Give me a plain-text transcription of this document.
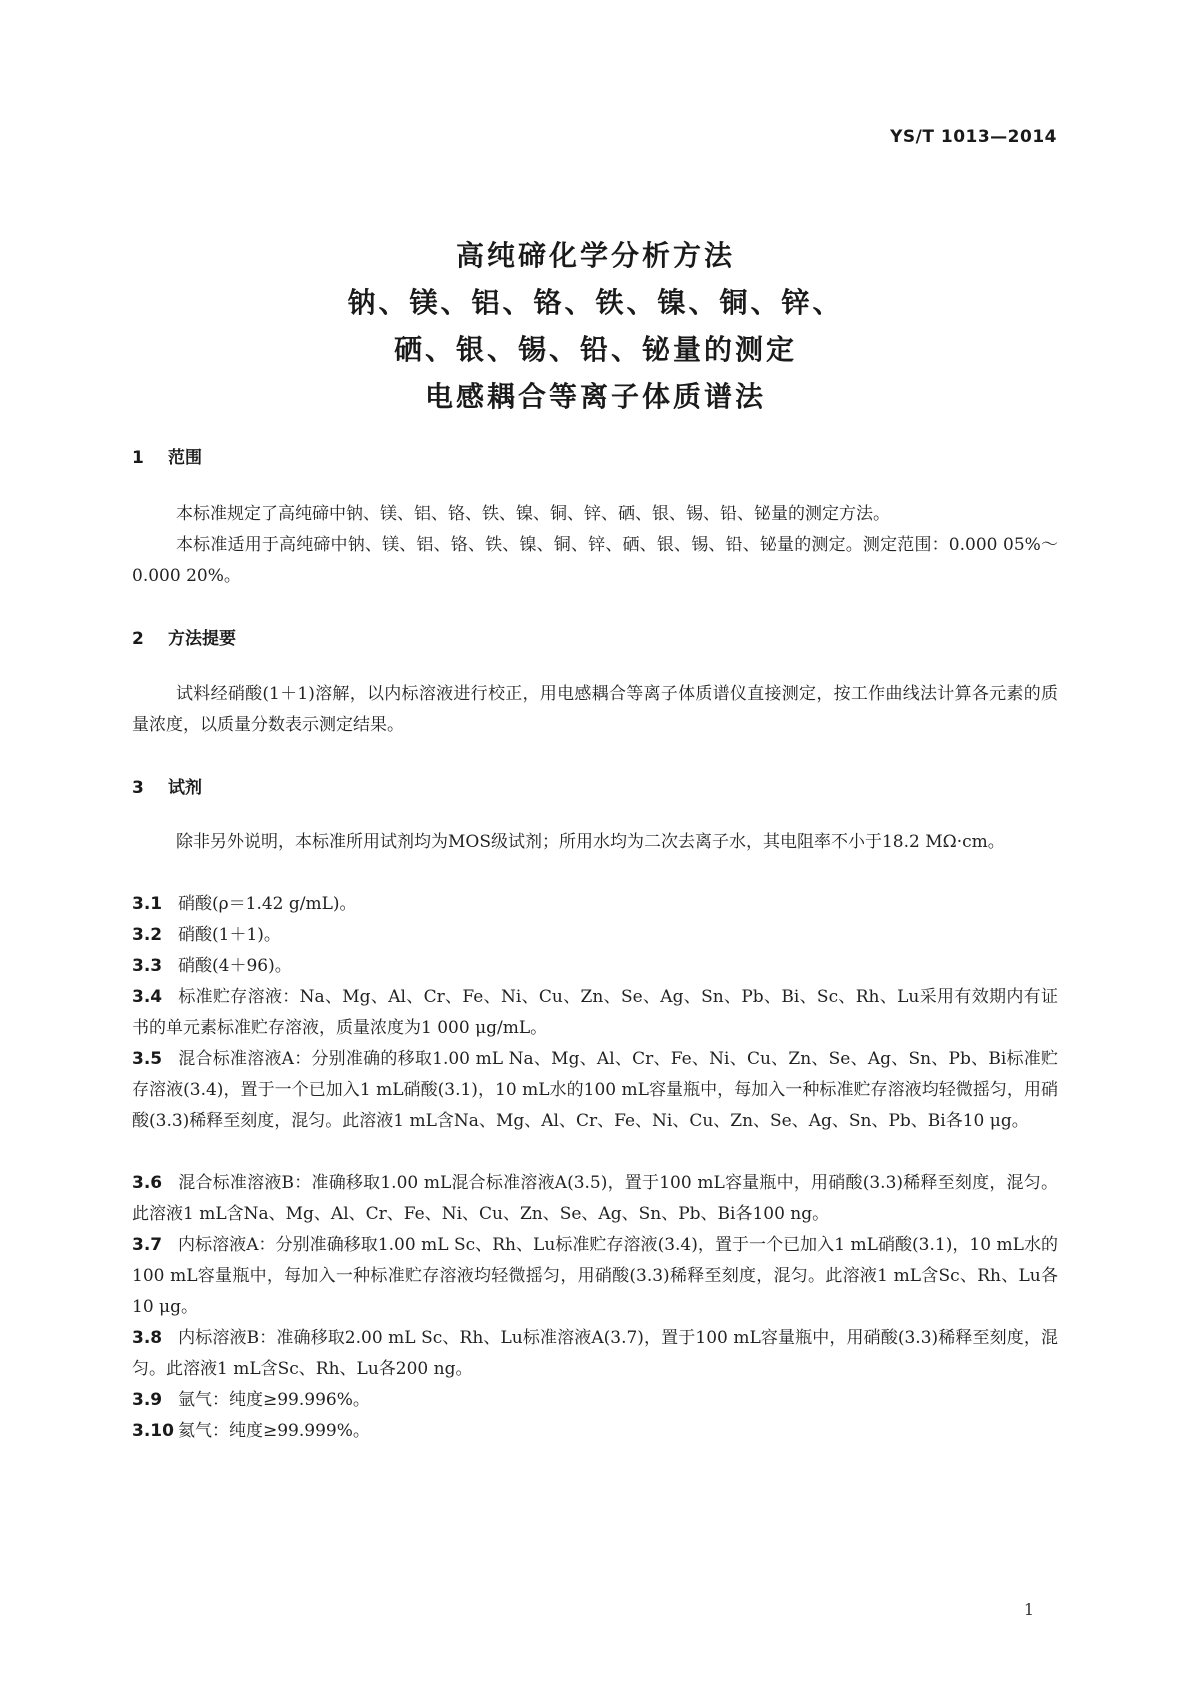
YS/T 1013—2014
高纯碲化学分析方法
钠、镁、铝、铬、铁、镍、铜、锌、
硒、银、锡、铅、铋量的测定
电感耦合等离子体质谱法
1 范围
本标准规定了高纯碲中钠、镁、铝、铬、铁、镍、铜、锌、硒、银、锡、铅、铋量的测定方法。
本标准适用于高纯碲中钠、镁、铝、铬、铁、镍、铜、锌、硒、银、锡、铅、铋量的测定。测定范围：0.000 05%～0.000 20%。
2 方法提要
试料经硝酸(1＋1)溶解，以内标溶液进行校正，用电感耦合等离子体质谱仪直接测定，按工作曲线法计算各元素的质量浓度，以质量分数表示测定结果。
3 试剂
除非另外说明，本标准所用试剂均为MOS级试剂；所用水均为二次去离子水，其电阻率不小于18.2 MΩ·cm。
3.1 硝酸(ρ＝1.42 g/mL)。
3.2 硝酸(1＋1)。
3.3 硝酸(4＋96)。
3.4 标准贮存溶液：Na、Mg、Al、Cr、Fe、Ni、Cu、Zn、Se、Ag、Sn、Pb、Bi、Sc、Rh、Lu采用有效期内有证书的单元素标准贮存溶液，质量浓度为1 000 μg/mL。
3.5 混合标准溶液A：分别准确的移取1.00 mL Na、Mg、Al、Cr、Fe、Ni、Cu、Zn、Se、Ag、Sn、Pb、Bi标准贮存溶液(3.4)，置于一个已加入1 mL硝酸(3.1)，10 mL水的100 mL容量瓶中，每加入一种标准贮存溶液均轻微摇匀，用硝酸(3.3)稀释至刻度，混匀。此溶液1 mL含Na、Mg、Al、Cr、Fe、Ni、Cu、Zn、Se、Ag、Sn、Pb、Bi各10 μg。
3.6 混合标准溶液B：准确移取1.00 mL混合标准溶液A(3.5)，置于100 mL容量瓶中，用硝酸(3.3)稀释至刻度，混匀。此溶液1 mL含Na、Mg、Al、Cr、Fe、Ni、Cu、Zn、Se、Ag、Sn、Pb、Bi各100 ng。
3.7 内标溶液A：分别准确移取1.00 mL Sc、Rh、Lu标准贮存溶液(3.4)，置于一个已加入1 mL硝酸(3.1)，10 mL水的100 mL容量瓶中，每加入一种标准贮存溶液均轻微摇匀，用硝酸(3.3)稀释至刻度，混匀。此溶液1 mL含Sc、Rh、Lu各10 μg。
3.8 内标溶液B：准确移取2.00 mL Sc、Rh、Lu标准溶液A(3.7)，置于100 mL容量瓶中，用硝酸(3.3)稀释至刻度，混匀。此溶液1 mL含Sc、Rh、Lu各200 ng。
3.9 氩气：纯度≥99.996%。
3.10 氦气：纯度≥99.999%。
1
